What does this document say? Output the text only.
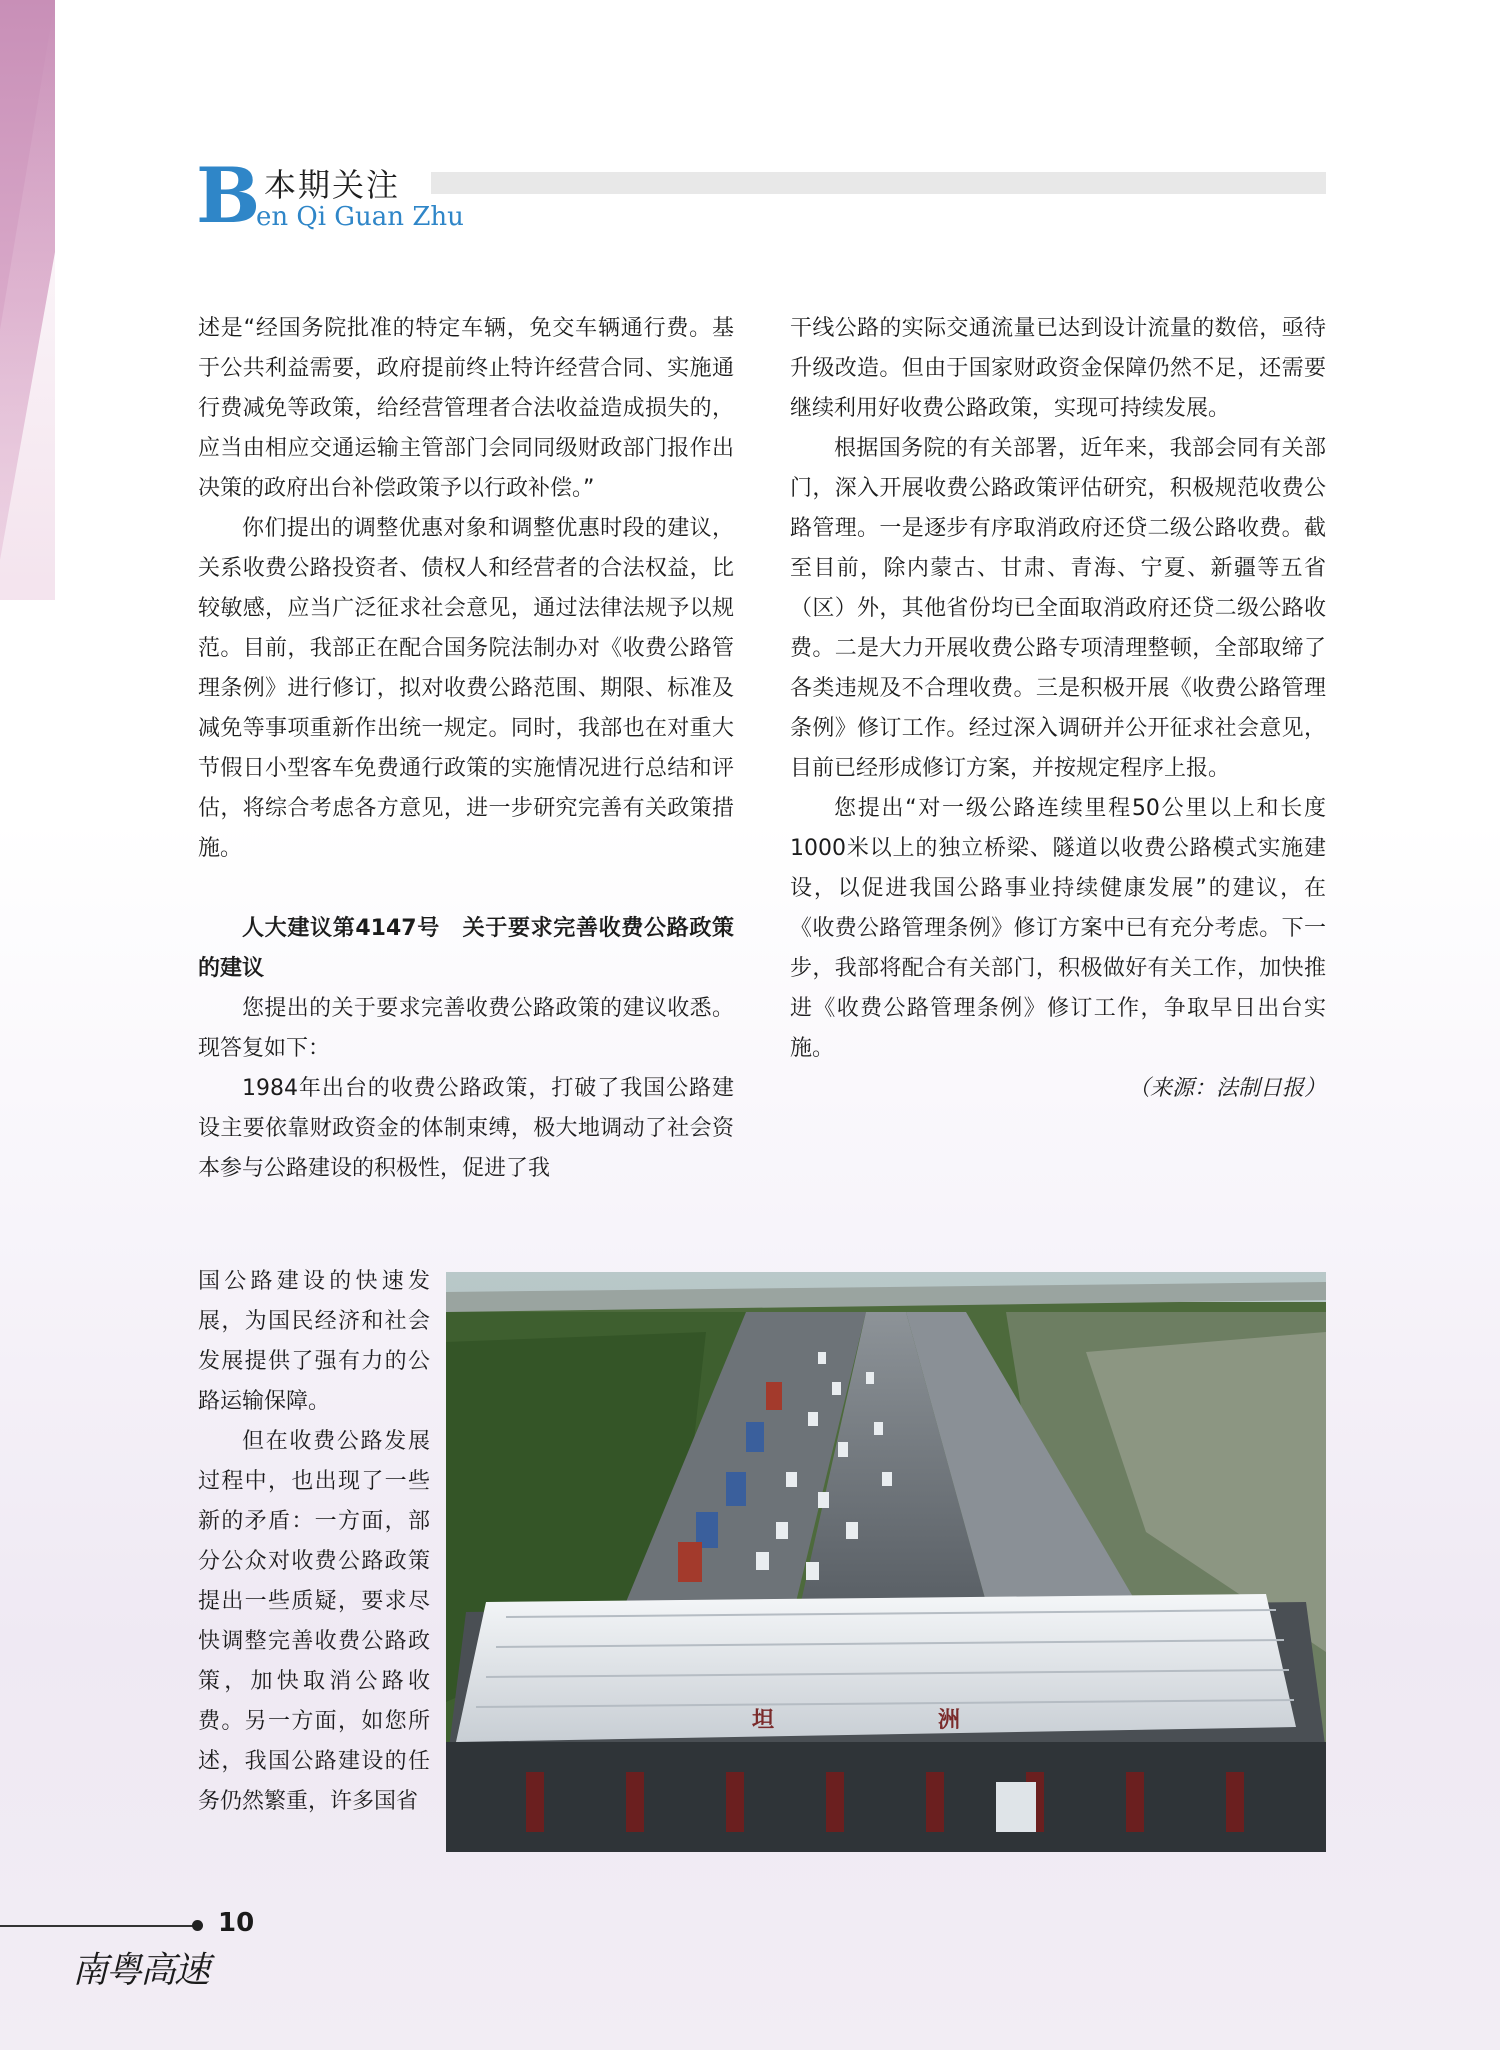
B 本期关注
en Qi Guan Zhu

述是“经国务院批准的特定车辆，免交车辆通行费。基于公共利益需要，政府提前终止特许经营合同、实施通行费减免等政策，给经营管理者合法收益造成损失的，应当由相应交通运输主管部门会同同级财政部门报作出决策的政府出台补偿政策予以行政补偿。”

你们提出的调整优惠对象和调整优惠时段的建议，关系收费公路投资者、债权人和经营者的合法权益，比较敏感，应当广泛征求社会意见，通过法律法规予以规范。目前，我部正在配合国务院法制办对《收费公路管理条例》进行修订，拟对收费公路范围、期限、标准及减免等事项重新作出统一规定。同时，我部也在对重大节假日小型客车免费通行政策的实施情况进行总结和评估，将综合考虑各方意见，进一步研究完善有关政策措施。

人大建议第4147号　关于要求完善收费公路政策的建议

您提出的关于要求完善收费公路政策的建议收悉。现答复如下：

1984年出台的收费公路政策，打破了我国公路建设主要依靠财政资金的体制束缚，极大地调动了社会资本参与公路建设的积极性，促进了我

国公路建设的快速发展，为国民经济和社会发展提供了强有力的公路运输保障。

但在收费公路发展过程中，也出现了一些新的矛盾：一方面，部分公众对收费公路政策提出一些质疑，要求尽快调整完善收费公路政策，加快取消公路收费。另一方面，如您所述，我国公路建设的任务仍然繁重，许多国省

干线公路的实际交通流量已达到设计流量的数倍，亟待升级改造。但由于国家财政资金保障仍然不足，还需要继续利用好收费公路政策，实现可持续发展。

根据国务院的有关部署，近年来，我部会同有关部门，深入开展收费公路政策评估研究，积极规范收费公路管理。一是逐步有序取消政府还贷二级公路收费。截至目前，除内蒙古、甘肃、青海、宁夏、新疆等五省（区）外，其他省份均已全面取消政府还贷二级公路收费。二是大力开展收费公路专项清理整顿，全部取缔了各类违规及不合理收费。三是积极开展《收费公路管理条例》修订工作。经过深入调研并公开征求社会意见，目前已经形成修订方案，并按规定程序上报。

您提出“对一级公路连续里程50公里以上和长度1000米以上的独立桥梁、隧道以收费公路模式实施建设，以促进我国公路事业持续健康发展”的建议，在《收费公路管理条例》修订方案中已有充分考虑。下一步，我部将配合有关部门，积极做好有关工作，加快推进《收费公路管理条例》修订工作，争取早日出台实施。

（来源：法制日报）

坦　　洲
10
南粤高速
